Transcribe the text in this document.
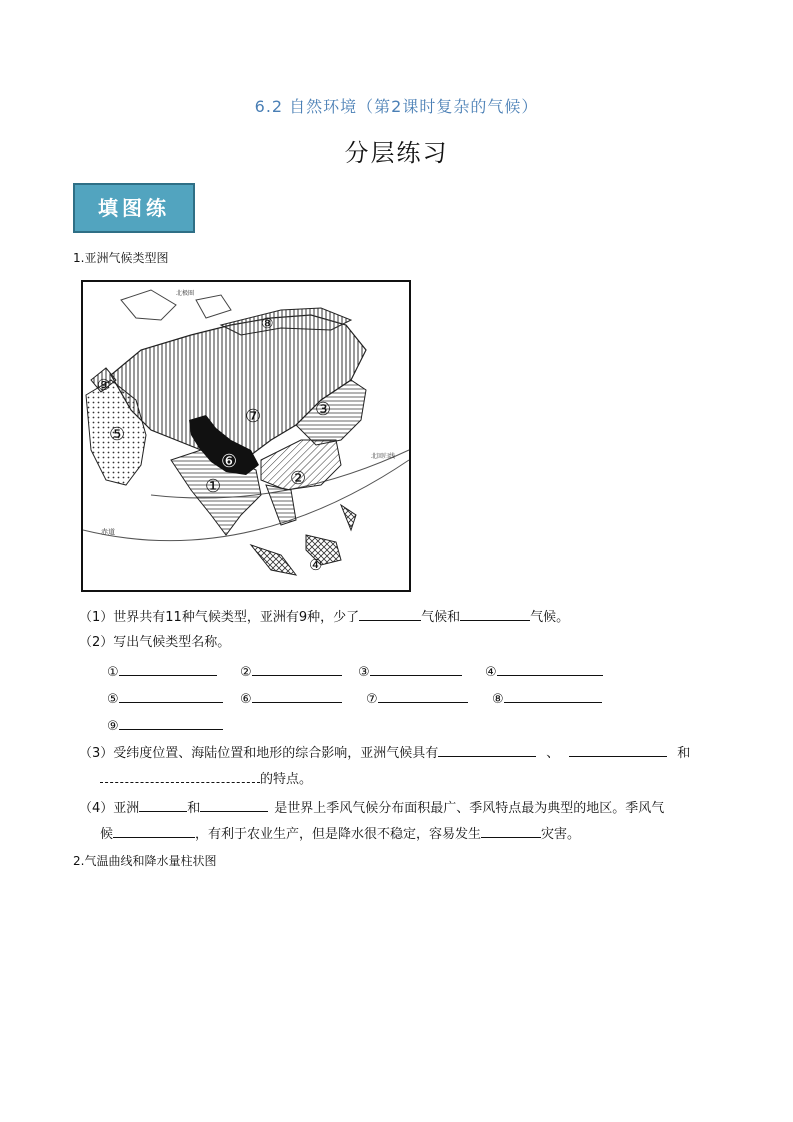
6.2 自然环境（第2课时复杂的气候）
分层练习
填图练
1.亚洲气候类型图
①	②
③
④
⑤
⑥
⑦
⑧
⑨
北极圈
北回归线
赤道
（1）世界共有11种气候类型，亚洲有9种，少了	气候和	气候。
（2）写出气候类型名称。
①	②	③	④
⑤	⑥	⑦	⑧
⑨
（3）受纬度位置、海陆位置和地形的综合影响，亚洲气候具有	、	和
的特点。
（4）亚洲	和	是世界上季风气候分布面积最广、季风特点最为典型的地区。季风气
候	，有利于农业生产，但是降水很不稳定，容易发生	灾害。
2.气温曲线和降水量柱状图
